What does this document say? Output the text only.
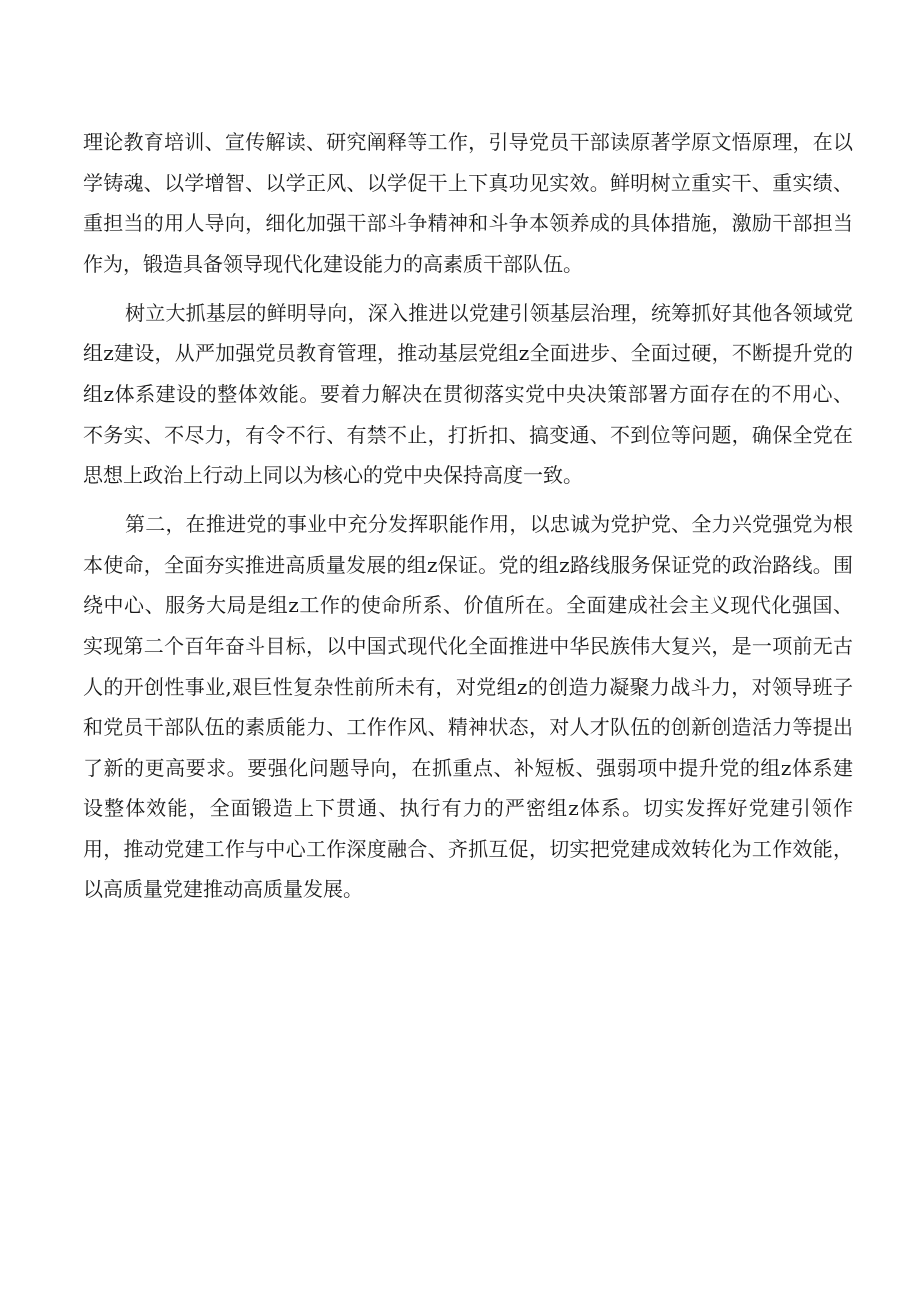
理论教育培训、宣传解读、研究阐释等工作，引导党员干部读原著学原文悟原理，在以学铸魂、以学增智、以学正风、以学促干上下真功见实效。鲜明树立重实干、重实绩、重担当的用人导向，细化加强干部斗争精神和斗争本领养成的具体措施，激励干部担当作为，锻造具备领导现代化建设能力的高素质干部队伍。

树立大抓基层的鲜明导向，深入推进以党建引领基层治理，统筹抓好其他各领域党组z建设，从严加强党员教育管理，推动基层党组z全面进步、全面过硬，不断提升党的组z体系建设的整体效能。要着力解决在贯彻落实党中央决策部署方面存在的不用心、不务实、不尽力，有令不行、有禁不止，打折扣、搞变通、不到位等问题，确保全党在思想上政治上行动上同以为核心的党中央保持高度一致。

第二，在推进党的事业中充分发挥职能作用，以忠诚为党护党、全力兴党强党为根本使命，全面夯实推进高质量发展的组z保证。党的组z路线服务保证党的政治路线。围绕中心、服务大局是组z工作的使命所系、价值所在。全面建成社会主义现代化强国、实现第二个百年奋斗目标，以中国式现代化全面推进中华民族伟大复兴，是一项前无古人的开创性事业,艰巨性复杂性前所未有，对党组z的创造力凝聚力战斗力，对领导班子和党员干部队伍的素质能力、工作作风、精神状态，对人才队伍的创新创造活力等提出了新的更高要求。要强化问题导向，在抓重点、补短板、强弱项中提升党的组z体系建设整体效能，全面锻造上下贯通、执行有力的严密组z体系。切实发挥好党建引领作用，推动党建工作与中心工作深度融合、齐抓互促，切实把党建成效转化为工作效能，以高质量党建推动高质量发展。
